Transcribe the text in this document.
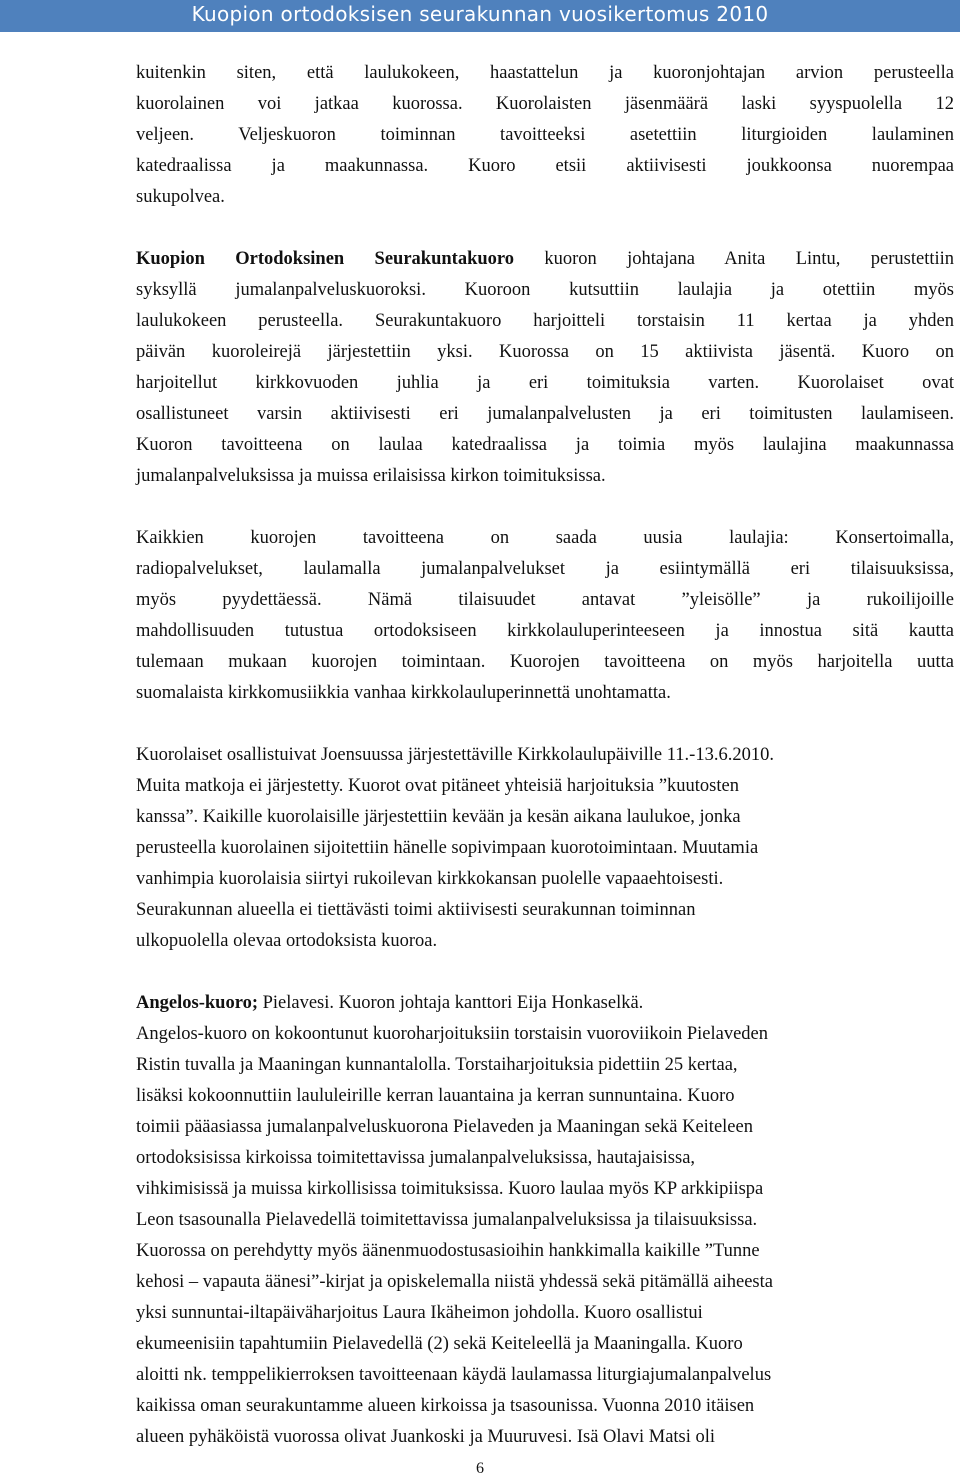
Kuopion ortodoksisen seurakunnan vuosikertomus 2010
kuitenkin siten, että laulukokeen, haastattelun ja kuoronjohtajan arvion perusteella
kuorolainen voi jatkaa kuorossa. Kuorolaisten jäsenmäärä laski syyspuolella 12
veljeen. Veljeskuoron toiminnan tavoitteeksi asetettiin liturgioiden laulaminen
katedraalissa ja maakunnassa. Kuoro etsii aktiivisesti joukkoonsa nuorempaa
sukupolvea.
Kuopion Ortodoksinen Seurakuntakuoro kuoron johtajana Anita Lintu, perustettiin
syksyllä jumalanpalveluskuoroksi. Kuoroon kutsuttiin laulajia ja otettiin myös
laulukokeen perusteella. Seurakuntakuoro harjoitteli torstaisin 11 kertaa ja yhden
päivän kuoroleirejä järjestettiin yksi. Kuorossa on 15 aktiivista jäsentä. Kuoro on
harjoitellut kirkkovuoden juhlia ja eri toimituksia varten. Kuorolaiset ovat
osallistuneet varsin aktiivisesti eri jumalanpalvelusten ja eri toimitusten laulamiseen.
Kuoron tavoitteena on laulaa katedraalissa ja toimia myös laulajina maakunnassa
jumalanpalveluksissa ja muissa erilaisissa kirkon toimituksissa.
Kaikkien kuorojen tavoitteena on saada uusia laulajia: Konsertoimalla,
radiopalvelukset, laulamalla jumalanpalvelukset ja esiintymällä eri tilaisuuksissa,
myös pyydettäessä. Nämä tilaisuudet antavat ”yleisölle” ja rukoilijoille
mahdollisuuden tutustua ortodoksiseen kirkkolauluperinteeseen ja innostua sitä kautta
tulemaan mukaan kuorojen toimintaan. Kuorojen tavoitteena on myös harjoitella uutta
suomalaista kirkkomusiikkia vanhaa kirkkolauluperinnettä unohtamatta.
Kuorolaiset osallistuivat Joensuussa järjestettäville Kirkkolaulupäiville 11.-13.6.2010.
Muita matkoja ei järjestetty. Kuorot ovat pitäneet yhteisiä harjoituksia ”kuutosten
kanssa”. Kaikille kuorolaisille järjestettiin kevään ja kesän aikana laulukoe, jonka
perusteella kuorolainen sijoitettiin hänelle sopivimpaan kuorotoimintaan. Muutamia
vanhimpia kuorolaisia siirtyi rukoilevan kirkkokansan puolelle vapaaehtoisesti.
Seurakunnan alueella ei tiettävästi toimi aktiivisesti seurakunnan toiminnan
ulkopuolella olevaa ortodoksista kuoroa.
Angelos-kuoro; Pielavesi. Kuoron johtaja kanttori Eija Honkaselkä.
Angelos-kuoro on kokoontunut kuoroharjoituksiin torstaisin vuoroviikoin Pielaveden
Ristin tuvalla ja Maaningan kunnantalolla. Torstaiharjoituksia pidettiin 25 kertaa,
lisäksi kokoonnuttiin laululeirille kerran lauantaina ja kerran sunnuntaina. Kuoro
toimii pääasiassa jumalanpalveluskuorona Pielaveden ja Maaningan sekä Keiteleen
ortodoksisissa kirkoissa toimitettavissa jumalanpalveluksissa, hautajaisissa,
vihkimisissä ja muissa kirkollisissa toimituksissa. Kuoro laulaa myös KP arkkipiispa
Leon tsasounalla Pielavedellä toimitettavissa jumalanpalveluksissa ja tilaisuuksissa.
Kuorossa on perehdytty myös äänenmuodostusasioihin hankkimalla kaikille ”Tunne
kehosi – vapauta äänesi”-kirjat ja opiskelemalla niistä yhdessä sekä pitämällä aiheesta
yksi sunnuntai-iltapäiväharjoitus Laura Ikäheimon johdolla. Kuoro osallistui
ekumeenisiin tapahtumiin Pielavedellä (2) sekä Keiteleellä ja Maaningalla. Kuoro
aloitti nk. temppelikierroksen tavoitteenaan käydä laulamassa liturgiajumalanpalvelus
kaikissa oman seurakuntamme alueen kirkoissa ja tsasounissa. Vuonna 2010 itäisen
alueen pyhäköistä vuorossa olivat Juankoski ja Muuruvesi. Isä Olavi Matsi oli
6
